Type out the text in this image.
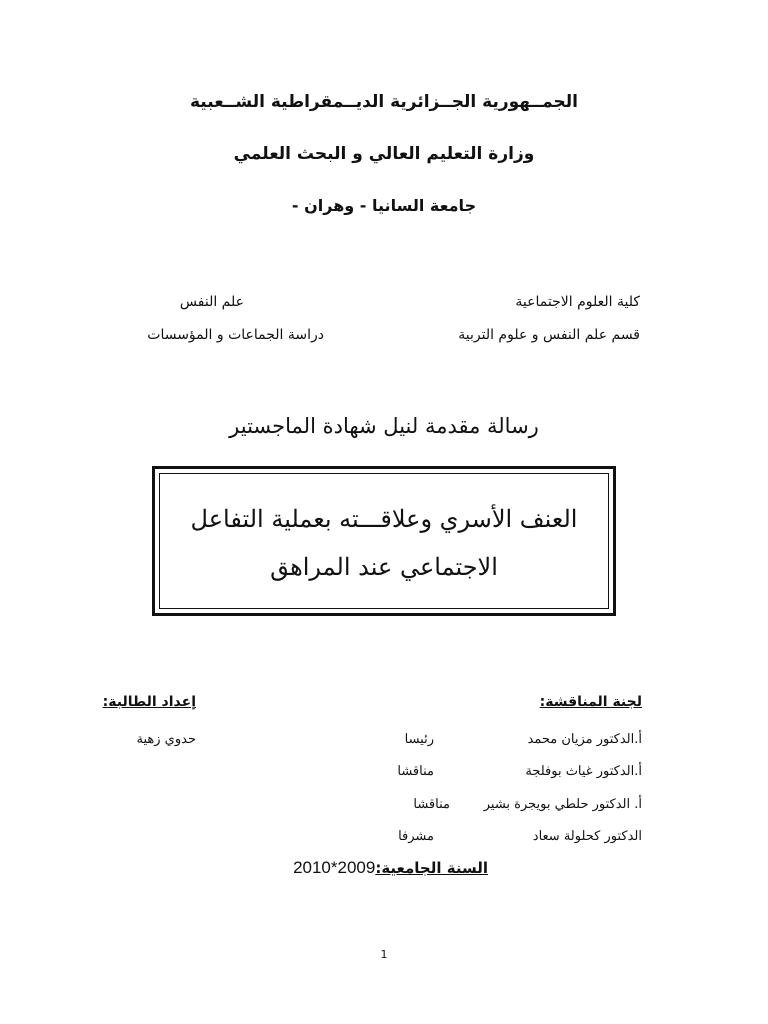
الجمــهورية الجــزائرية الديــمقراطية الشــعبية
وزارة التعليم العالي و البحث العلمي
جامعة السانيا - وهران -
كلية العلوم الاجتماعية
علم النفس
قسم علم النفس و علوم التربية
دراسة الجماعات و المؤسسات
رسالة مقدمة لنيل شهادة الماجستير
العنف الأسري وعلاقـــته بعملية التفاعل
الاجتماعي عند المراهق
لجنة المناقشة:
إعداد الطالبة:
حدوي زهية	أ.الدكتور مزيان محمد
رئيسا
أ.الدكتور غياث بوفلجة
مناقشا
أ. الدكتور حلطي بويجرة بشير
مناقشا
الدكتور كحلولة سعاد
مشرفا
السنة الجامعية:2010*2009
1
